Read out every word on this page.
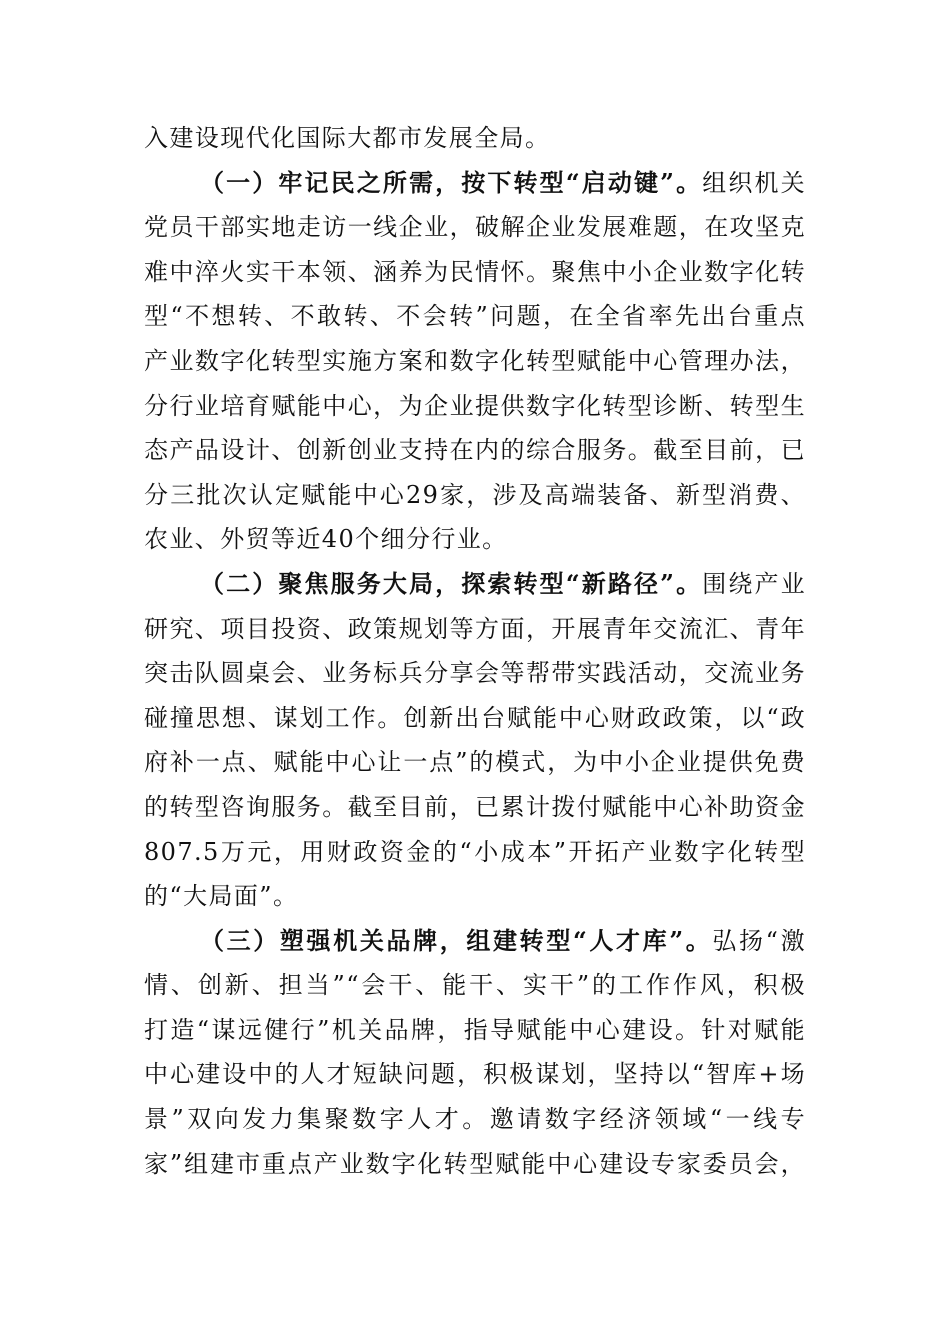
入建设现代化国际大都市发展全局。
（一）牢记民之所需，按下转型“启动键”。组织机关
党员干部实地走访一线企业，破解企业发展难题，在攻坚克
难中淬火实干本领、涵养为民情怀。聚焦中小企业数字化转
型“不想转、不敢转、不会转”问题，在全省率先出台重点
产业数字化转型实施方案和数字化转型赋能中心管理办法，
分行业培育赋能中心，为企业提供数字化转型诊断、转型生
态产品设计、创新创业支持在内的综合服务。截至目前，已
分三批次认定赋能中心29家，涉及高端装备、新型消费、
农业、外贸等近40个细分行业。
（二）聚焦服务大局，探索转型“新路径”。围绕产业
研究、项目投资、政策规划等方面，开展青年交流汇、青年
突击队圆桌会、业务标兵分享会等帮带实践活动，交流业务
碰撞思想、谋划工作。创新出台赋能中心财政政策，以“政
府补一点、赋能中心让一点”的模式，为中小企业提供免费
的转型咨询服务。截至目前，已累计拨付赋能中心补助资金
807.5万元，用财政资金的“小成本”开拓产业数字化转型
的“大局面”。
（三）塑强机关品牌，组建转型“人才库”。弘扬“激
情、创新、担当”“会干、能干、实干”的工作作风，积极
打造“谋远健行”机关品牌，指导赋能中心建设。针对赋能
中心建设中的人才短缺问题，积极谋划，坚持以“智库+场
景”双向发力集聚数字人才。邀请数字经济领域“一线专
家”组建市重点产业数字化转型赋能中心建设专家委员会，
